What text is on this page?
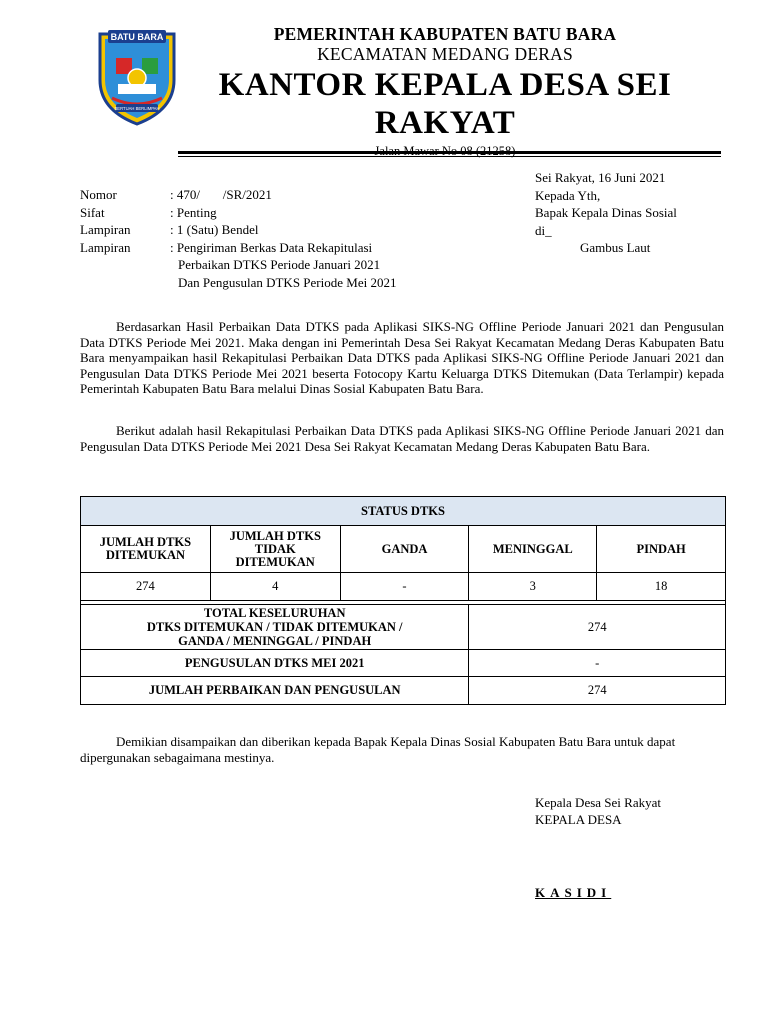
BATU BARA
BERTUAH BERLIMPAH
PEMERINTAH KABUPATEN BATU BARA
KECAMATAN MEDANG DERAS
KANTOR KEPALA DESA SEI
RAKYAT
Nomor	: 470/       /SR/2021
Sifat	: Penting
Lampiran	: 1 (Satu) Bendel
Lampiran	: Pengiriman Berkas Data Rekapitulasi
Perbaikan DTKS Periode Januari 2021
Dan Pengusulan DTKS Periode Mei 2021
Sei Rakyat, 16 Juni 2021
Kepada Yth,
Bapak Kepala Dinas Sosial
di_
Gambus Laut
Berdasarkan Hasil Perbaikan Data DTKS pada Aplikasi SIKS-NG Offline Periode Januari 2021 dan Pengusulan Data DTKS Periode Mei 2021. Maka dengan ini Pemerintah Desa Sei Rakyat Kecamatan Medang Deras Kabupaten Batu Bara menyampaikan hasil Rekapitulasi Perbaikan Data DTKS pada Aplikasi SIKS-NG Offline Periode Januari 2021 dan Pengusulan Data DTKS Periode Mei 2021 beserta Fotocopy Kartu Keluarga DTKS Ditemukan (Data Terlampir) kepada Pemerintah Kabupaten Batu Bara melalui Dinas Sosial Kabupaten Batu Bara.
Berikut adalah hasil Rekapitulasi Perbaikan Data DTKS pada Aplikasi SIKS-NG Offline Periode Januari 2021 dan Pengusulan Data DTKS Periode Mei 2021 Desa Sei Rakyat Kecamatan Medang Deras Kabupaten Batu Bara.
STATUS DTKS				
JUMLAH DTKS DITEMUKAN	JUMLAH DTKS TIDAK DITEMUKAN	GANDA	MENINGGAL	PINDAH
274	4	-	3	18

TOTAL KESELURUHAN
DTKS DITEMUKAN / TIDAK DITEMUKAN /
GANDA / MENINGGAL / PINDAH			274	
PENGUSULAN DTKS MEI 2021			-	
JUMLAH PERBAIKAN DAN PENGUSULAN			274	
Demikian disampaikan dan diberikan kepada Bapak Kepala Dinas Sosial Kabupaten Batu Bara untuk dapat dipergunakan sebagaimana mestinya.
Kepala Desa Sei Rakyat
KEPALA DESA
KASIDI
